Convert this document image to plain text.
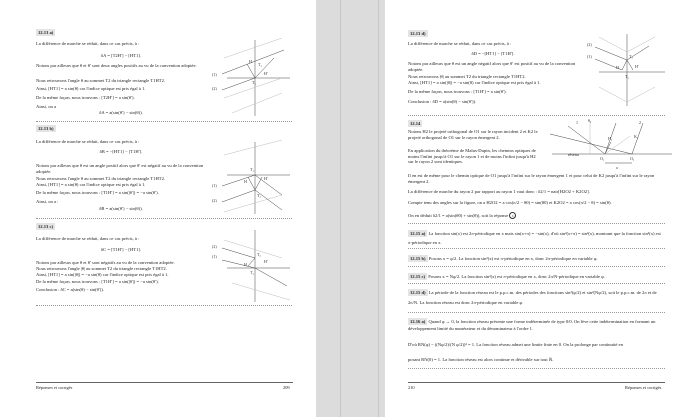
12.13 a)
La différence de marche se réduit, dans ce cas précis, à :
δA = [T2H′] − [HT1].
Notons par ailleurs que θ et θ′ sont deux angles positifs au vu de la convention adoptée.
Nous retrouvons l'angle θ au sommet T2 du triangle rectangle T1HT2.
Ainsi, [HT1] = a sin(θ) car l'indice optique est pris égal à 1.
De la même façon, nous trouvons : [T2H′] = a sin(θ′).
Ainsi, on a
δA = a(sin(θ′) − sin(θ)).
(1)
(2)
H
T₁
T₂
H′
12.13 b)
La différence de marche se réduit, dans ce cas précis, à :
δB = −[HT1] − [T1H′].
Notons par ailleurs que θ est un angle positif alors que θ′ est négatif au vu de la convention adoptée.
Nous retrouvons l'angle θ au sommet T2 du triangle rectangle T1HT2.
Ainsi, [HT1] = a sin(θ) car l'indice optique est pris égal à 1.
De la même façon, nous trouvons : [T1H′] = a sin(|θ′|) = −a sin(θ′).
Ainsi, on a :
δB = a(sin(θ′) − sin(θ)).
(1)
(2)
T₁
H
T₂
H′
12.13 c)
La différence de marche se réduit, dans ce cas précis, à :
δC = [T1H′] − [HT1].
Notons par ailleurs que θ et θ′ sont négatifs au vu de la convention adoptée.
Nous retrouvons l'angle |θ| au sommet T2 du triangle rectangle T1HT2.
Ainsi, [HT1] = a sin(|θ|) = −a sin(θ) car l'indice optique est pris égal à 1.
De la même façon, nous trouvons : [T1H′] = a sin(|θ′|) = −a sin(θ′).
Conclusion : δC = a(sin(θ) − sin(θ′)).
(2)
(1)	T₂
H
T₁
H′
Réponses et corrigés	209
12.13 d)
La différence de marche se réduit, dans ce cas précis, à :
δD = −[HT1] − [T1H′].
Notons par ailleurs que θ est un angle négatif alors que θ′ est positif au vu de la convention adoptée.
Nous retrouvons |θ| au sommet T2 du triangle rectangle T1HT2.
Ainsi, [HT1] = a sin(|θ|) = −a sin(θ) car l'indice optique est pris égal à 1.
De la même façon, nous trouvons : [T1H′] = a sin(θ′).
Conclusion : δD = a(sin(θ) − sin(θ′)).
(2)
(1)	T₂
H
T₁
H′
12.14
Notons H2 le projeté orthogonal de O1 sur le rayon incident 2 et K2 le projeté orthogonal de O1 sur le rayon émergent 2.
En application du théorème de Malus-Dupin, les chemins optiques de moins l'infini jusqu'à O1 sur le rayon 1 et de moins l'infini jusqu'à H2 sur le rayon 2 sont identiques.
Il en est de même pour le chemin optique de O1 jusqu'à l'infini sur le rayon émergent 1 et pour celui de K2 jusqu'à l'infini sur le rayon émergent 2.
La différence de marche du rayon 2 par rapport au rayon 1 vaut donc : δ2/1 = nair[H2O2 + K2O2].
Compte tenu des angles sur la figure, on a H2O2 = a cos(π/2 − θ0) = sin(θ0) et K2O2 = a cos(π/2 − θ) = sin(θ).
On en déduit δ2/1 = a(sin(θ0) + sin(θ)), soit la réponse c
O₁	O₂
a
H₂	K₂
1	2
θ₀
réseau
12.15 a) La fonction sin(x) est 2π-périodique en x mais sin(x+π) = −sin(x), d'où sin²(x+π) = sin²(x), montrant que la fonction sin²(x) est π-périodique en x.
12.15 b) Posons x = φ/2. La fonction sin²(x) est π-périodique en x, donc 2π-périodique en variable φ.
12.15 c) Posons x = Nφ/2. La fonction sin²(x) est π-périodique en x, donc 2π/N-périodique en variable φ.
12.15 d) La période de la fonction réseau est le p.p.c.m. des périodes des fonctions sin²(φ/2) et sin²(Nφ/2), soit le p.p.c.m. de 2π et de 2π/N. La fonction réseau est donc 2π-périodique en variable φ.
12.16 a) Quand φ → 0, la fonction réseau présente une forme indéterminée de type 0/0. On lève cette indétermination en formant un développement limité du numérateur et du dénominateur à l'ordre 1.
D'où RN(φ) ~ ((Nφ/2)/(N φ/2))² = 1. La fonction réseau admet une limite finie en 0. On la prolonge par continuité en
posant RN(0) = 1. La fonction réseau est alors continue et dérivable sur tout ℝ.
210	Réponses et corrigés
